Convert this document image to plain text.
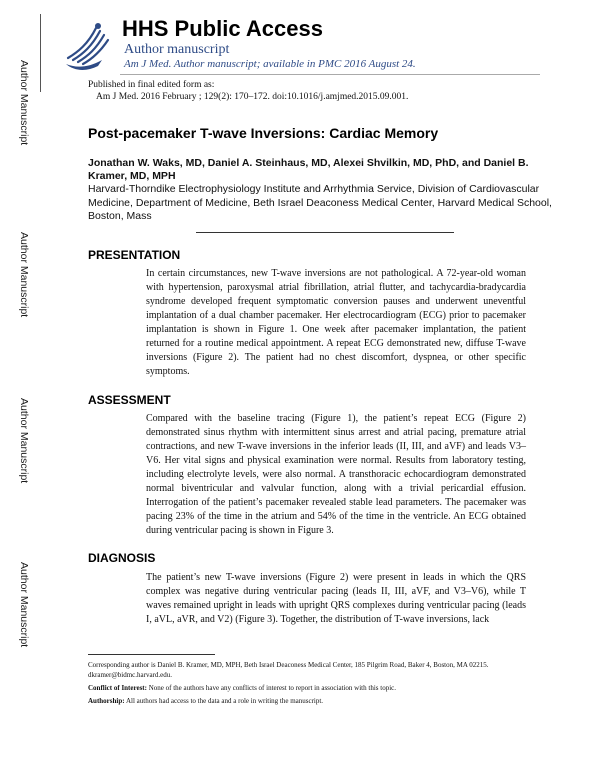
Author Manuscript
Author Manuscript
Author Manuscript
Author Manuscript
HHS Public Access
Author manuscript
Am J Med. Author manuscript; available in PMC 2016 August 24.
Published in final edited form as:
Am J Med. 2016 February ; 129(2): 170–172. doi:10.1016/j.amjmed.2015.09.001.
Post-pacemaker T-wave Inversions: Cardiac Memory
Jonathan W. Waks, MD, Daniel A. Steinhaus, MD, Alexei Shvilkin, MD, PhD, and Daniel B. Kramer, MD, MPH
Harvard-Thorndike Electrophysiology Institute and Arrhythmia Service, Division of Cardiovascular Medicine, Department of Medicine, Beth Israel Deaconess Medical Center, Harvard Medical School, Boston, Mass
PRESENTATION
In certain circumstances, new T-wave inversions are not pathological. A 72-year-old woman with hypertension, paroxysmal atrial fibrillation, atrial flutter, and tachycardia-bradycardia syndrome developed frequent symptomatic conversion pauses and underwent uneventful implantation of a dual chamber pacemaker. Her electrocardiogram (ECG) prior to pacemaker implantation is shown in Figure 1. One week after pacemaker implantation, the patient returned for a routine medical appointment. A repeat ECG demonstrated new, diffuse T-wave inversions (Figure 2). The patient had no chest discomfort, dyspnea, or other specific symptoms.
ASSESSMENT
Compared with the baseline tracing (Figure 1), the patient’s repeat ECG (Figure 2) demonstrated sinus rhythm with intermittent sinus arrest and atrial pacing, premature atrial contractions, and new T-wave inversions in the inferior leads (II, III, and aVF) and leads V3–V6. Her vital signs and physical examination were normal. Results from laboratory testing, including electrolyte levels, were also normal. A transthoracic echocardiogram demonstrated normal biventricular and valvular function, along with a trivial pericardial effusion. Interrogation of the patient’s pacemaker revealed stable lead parameters. The pacemaker was pacing 23% of the time in the atrium and 54% of the time in the ventricle. An ECG obtained during ventricular pacing is shown in Figure 3.
DIAGNOSIS
The patient’s new T-wave inversions (Figure 2) were present in leads in which the QRS complex was negative during ventricular pacing (leads II, III, aVF, and V3–V6), while T waves remained upright in leads with upright QRS complexes during ventricular pacing (leads I, aVL, aVR, and V2) (Figure 3). Together, the distribution of T-wave inversions, lack
Corresponding author is Daniel B. Kramer, MD, MPH, Beth Israel Deaconess Medical Center, 185 Pilgrim Road, Baker 4, Boston, MA 02215. dkramer@bidmc.harvard.edu.
Conflict of Interest: None of the authors have any conflicts of interest to report in association with this topic.
Authorship: All authors had access to the data and a role in writing the manuscript.
